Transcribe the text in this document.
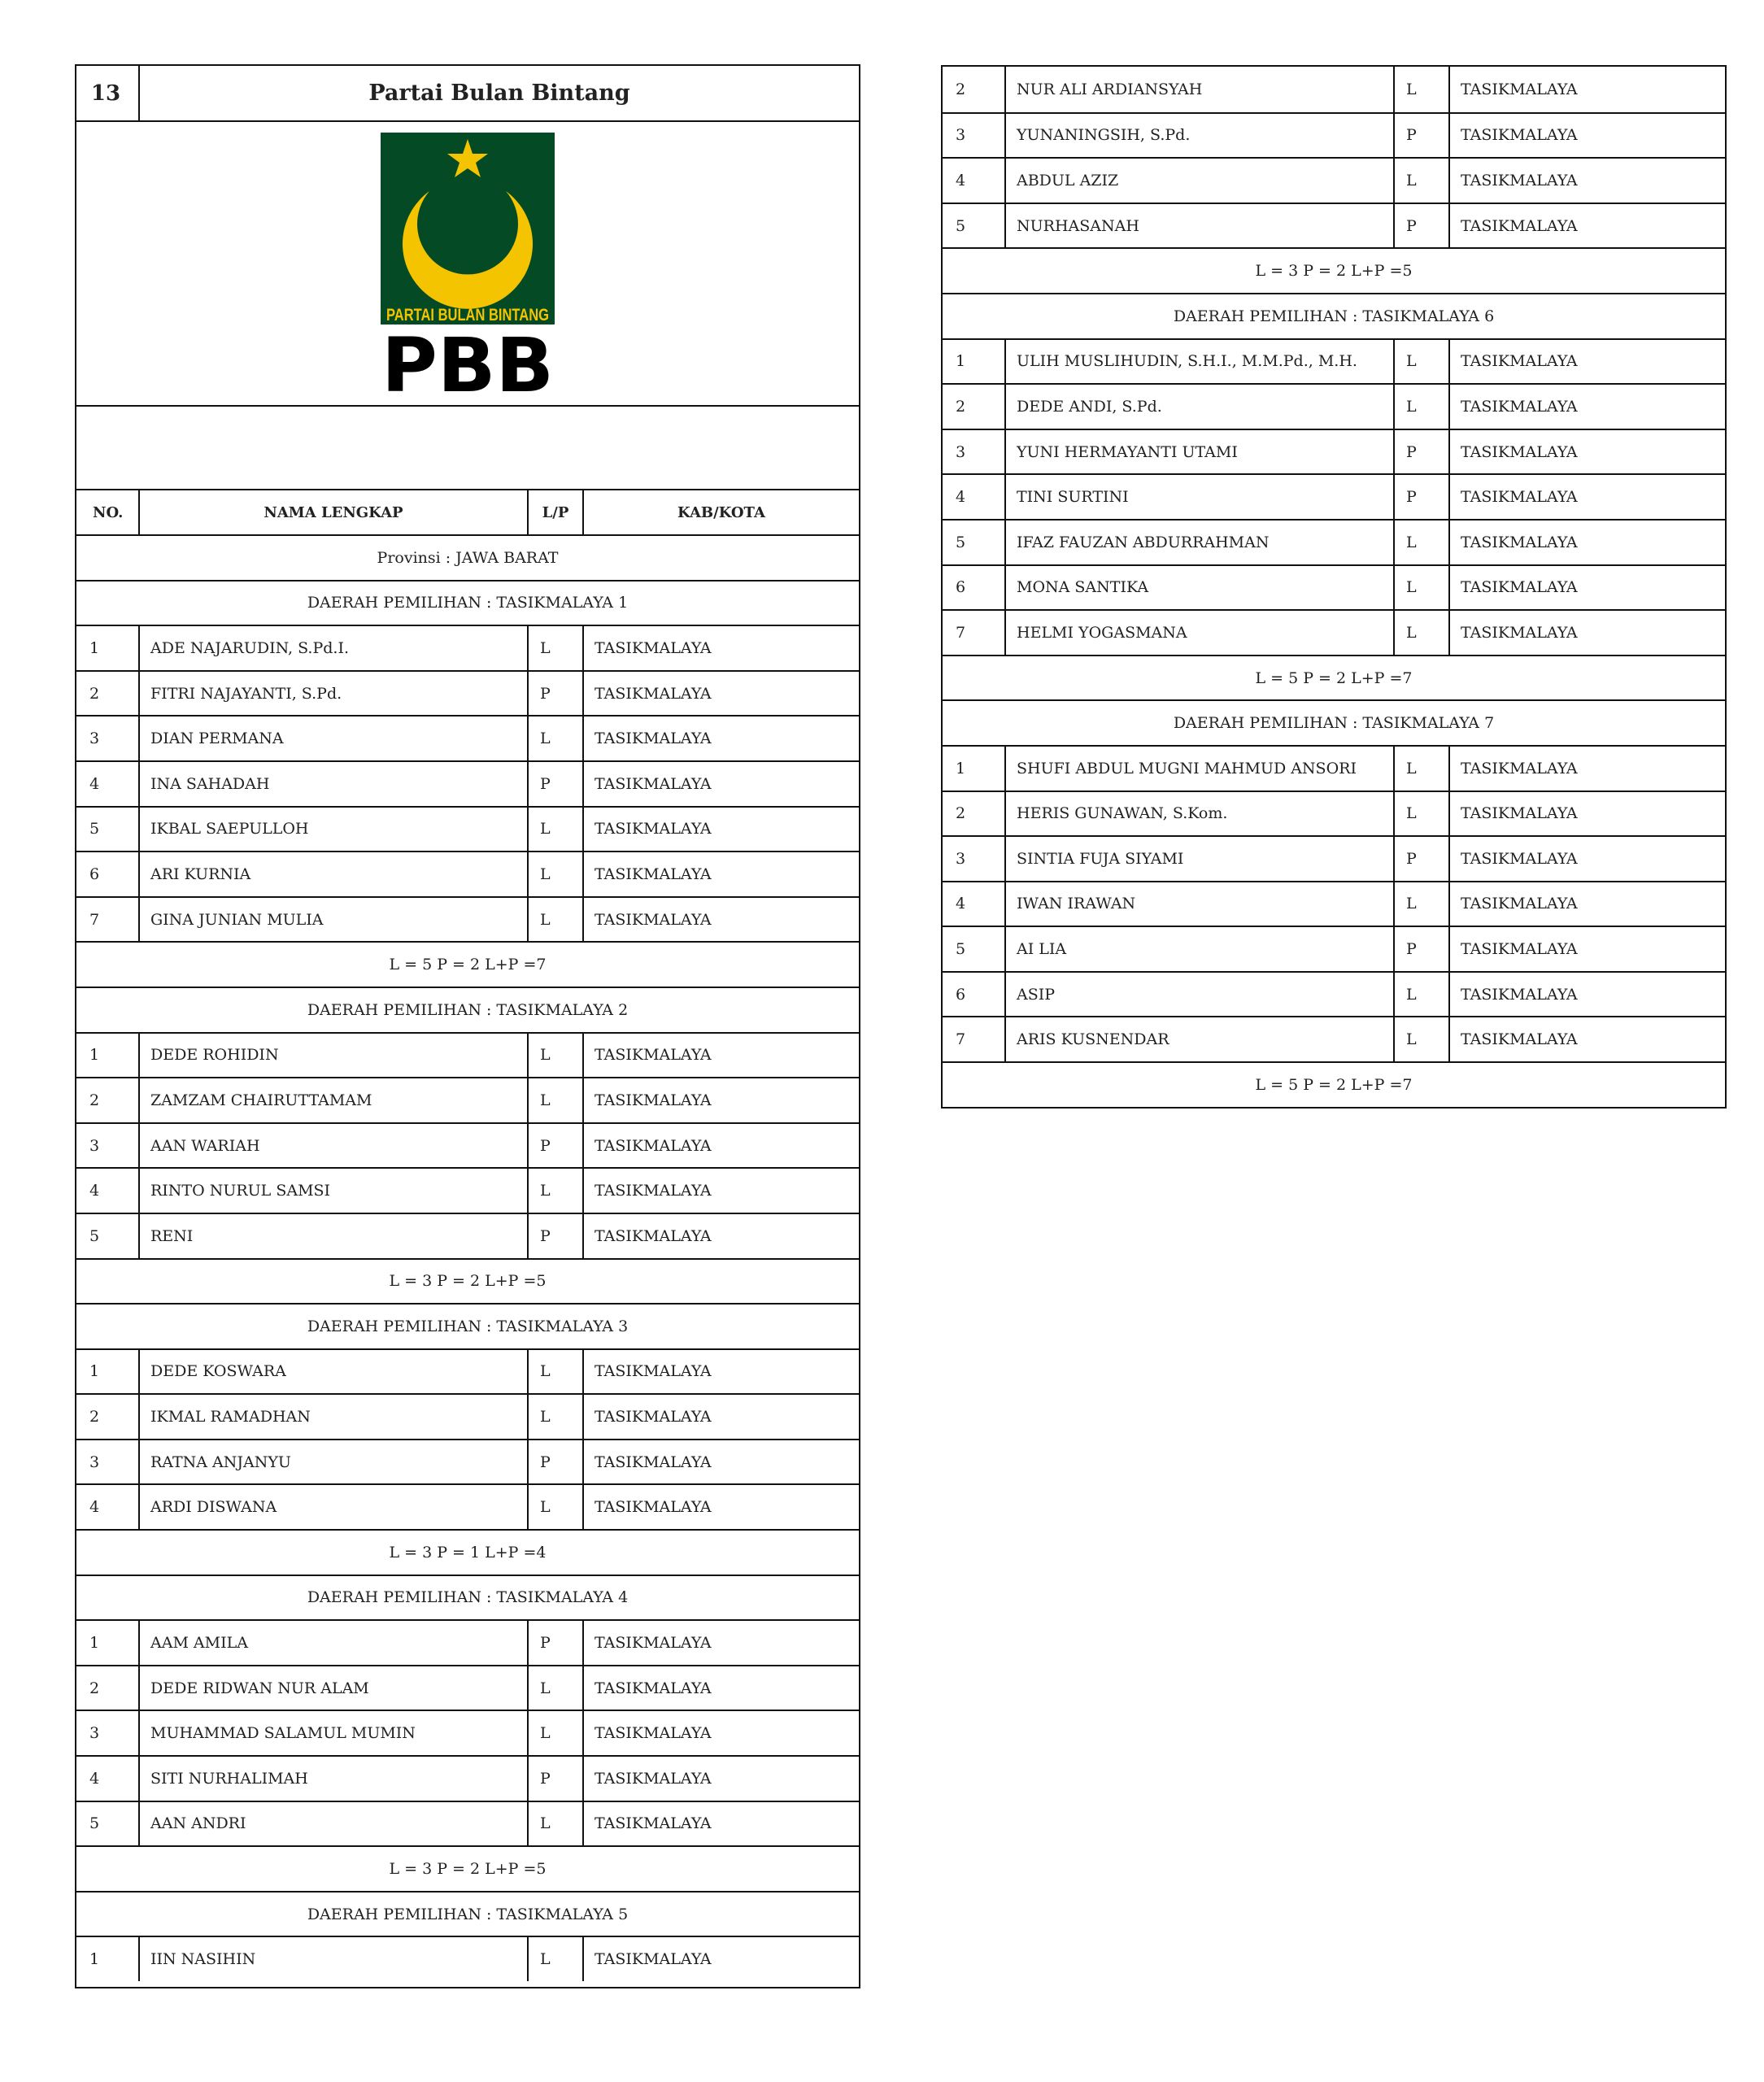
13	Partai Bulan Bintang
PARTAI BULAN BINTANG
PBB
NO.	NAMA LENGKAP	L/P	KAB/KOTA
Provinsi : JAWA BARAT
DAERAH PEMILIHAN : TASIKMALAYA 1
1	ADE NAJARUDIN, S.Pd.I.	L	TASIKMALAYA
2	FITRI NAJAYANTI, S.Pd.	P	TASIKMALAYA
3	DIAN PERMANA	L	TASIKMALAYA
4	INA SAHADAH	P	TASIKMALAYA
5	IKBAL SAEPULLOH	L	TASIKMALAYA
6	ARI KURNIA	L	TASIKMALAYA
7	GINA JUNIAN MULIA	L	TASIKMALAYA
L = 5 P = 2 L+P =7
DAERAH PEMILIHAN : TASIKMALAYA 2
1	DEDE ROHIDIN	L	TASIKMALAYA
2	ZAMZAM CHAIRUTTAMAM	L	TASIKMALAYA
3	AAN WARIAH	P	TASIKMALAYA
4	RINTO NURUL SAMSI	L	TASIKMALAYA
5	RENI	P	TASIKMALAYA
L = 3 P = 2 L+P =5
DAERAH PEMILIHAN : TASIKMALAYA 3
1	DEDE KOSWARA	L	TASIKMALAYA
2	IKMAL RAMADHAN	L	TASIKMALAYA
3	RATNA ANJANYU	P	TASIKMALAYA
4	ARDI DISWANA	L	TASIKMALAYA
L = 3 P = 1 L+P =4
DAERAH PEMILIHAN : TASIKMALAYA 4
1	AAM AMILA	P	TASIKMALAYA
2	DEDE RIDWAN NUR ALAM	L	TASIKMALAYA
3	MUHAMMAD SALAMUL MUMIN	L	TASIKMALAYA
4	SITI NURHALIMAH	P	TASIKMALAYA
5	AAN ANDRI	L	TASIKMALAYA
L = 3 P = 2 L+P =5
DAERAH PEMILIHAN : TASIKMALAYA 5
1	IIN NASIHIN	L	TASIKMALAYA
2	NUR ALI ARDIANSYAH	L	TASIKMALAYA
3	YUNANINGSIH, S.Pd.	P	TASIKMALAYA
4	ABDUL AZIZ	L	TASIKMALAYA
5	NURHASANAH	P	TASIKMALAYA
L = 3 P = 2 L+P =5
DAERAH PEMILIHAN : TASIKMALAYA 6
1	ULIH MUSLIHUDIN, S.H.I., M.M.Pd., M.H.	L	TASIKMALAYA
2	DEDE ANDI, S.Pd.	L	TASIKMALAYA
3	YUNI HERMAYANTI UTAMI	P	TASIKMALAYA
4	TINI SURTINI	P	TASIKMALAYA
5	IFAZ FAUZAN ABDURRAHMAN	L	TASIKMALAYA
6	MONA SANTIKA	L	TASIKMALAYA
7	HELMI YOGASMANA	L	TASIKMALAYA
L = 5 P = 2 L+P =7
DAERAH PEMILIHAN : TASIKMALAYA 7
1	SHUFI ABDUL MUGNI MAHMUD ANSORI	L	TASIKMALAYA
2	HERIS GUNAWAN, S.Kom.	L	TASIKMALAYA
3	SINTIA FUJA SIYAMI	P	TASIKMALAYA
4	IWAN IRAWAN	L	TASIKMALAYA
5	AI LIA	P	TASIKMALAYA
6	ASIP	L	TASIKMALAYA
7	ARIS KUSNENDAR	L	TASIKMALAYA
L = 5 P = 2 L+P =7
